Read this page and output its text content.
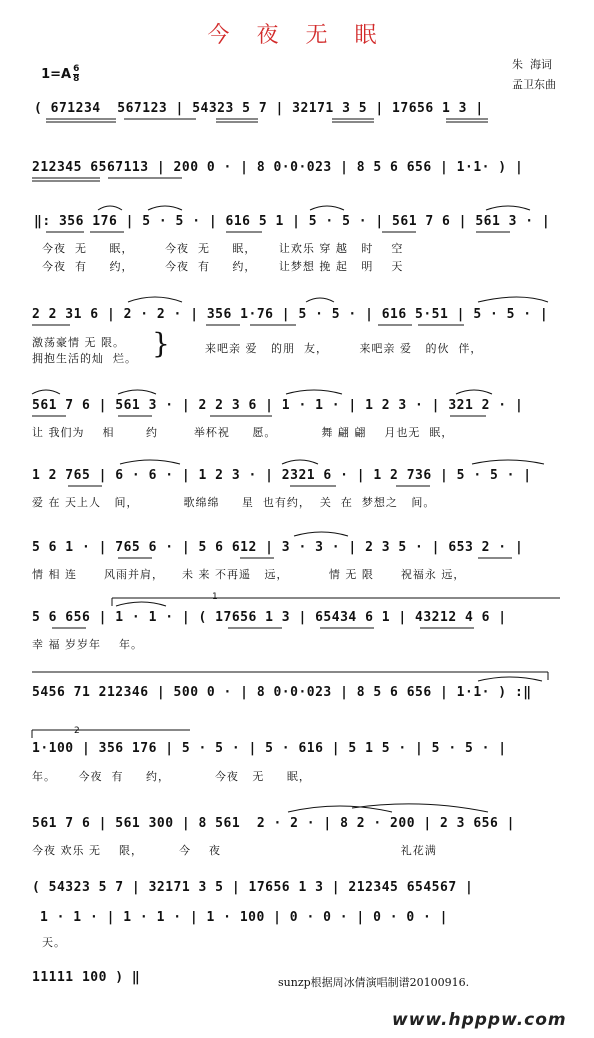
今 夜 无 眠

$1=A \frac{6}{8}$

朱  海词
孟卫东曲
( 671234  567123 | 54323 5 7 | 32171 3 5 | 17656 1 3 |
212345 6567113 | 200 0 · | 8 0·0·023 | 8 5 6 656 | 1·1· ) |
‖: 356 176 | 5 · 5 · | 616 5 1 | 5 · 5 · | 561 7 6 | 561 3 · |
今夜  无     眠，       今夜  无     眠，     让欢乐 穿 越   时    空
今夜  有     约，       今夜  有     约，     让梦想 挽 起   明    天
2 2 31 6 | 2 · 2 · | 356 1·76 | 5 · 5 · | 616 5·51 | 5 · 5 · |
激荡豪情 无 限。
拥抱生活的灿  烂。 }	来吧亲 爱   的朋  友，       来吧亲 爱   的伙  伴，
561 7 6 | 561 3 · | 2 2 3 6 | 1 · 1 · | 1 2 3 · | 321 2 · |
让 我们为    相       约        举杯祝     愿。          舞 翩 翩    月也无  眠，
1 2 765 | 6 · 6 · | 1 2 3 · | 2321 6 · | 1 2 736 | 5 · 5 · |
爱 在 天上人   间，          歌绵绵     星  也有约，  关  在  梦想之   间。
5 6 1 · | 765 6 · | 5 6 612 | 3 · 3 · | 2 3 5 · | 653 2 · |
情 相 连      风雨并肩，    未 来 不再遥   远，         情 无 限      祝福永 远，
1
5 6 656 | 1 · 1 · | ( 17656 1 3 | 65434 6 1 | 43212 4 6 |
幸 福 岁岁年    年。
5456 71 212346 | 500 0 · | 8 0·0·023 | 8 5 6 656 | 1·1· ) :‖
2
1·100 | 356 176 | 5 · 5 · | 5 · 616 | 5 1 5 · | 5 · 5 · |
年。     今夜  有     约，          今夜   无     眠，
561 7 6 | 561 300 | 8 561  2 · 2 · | 8 2 · 200 | 2 3 656 |
今夜 欢乐 无    限，        今    夜                                        礼花满
( 54323 5 7 | 32171 3 5 | 17656 1 3 | 212345 654567 |
1 · 1 · | 1 · 1 · | 1 · 100 | 0 · 0 · | 0 · 0 · |
天。
11111 100 ) ‖	sunzp根据周冰倩演唱制谱20100916.
www.hpppw.com
